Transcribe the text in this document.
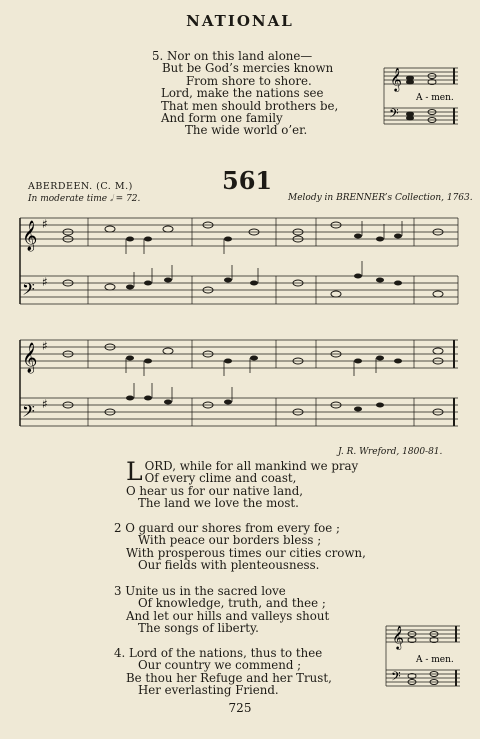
NATIONAL
5. Nor on this land alone—
But be God’s mercies known
From shore to shore.
Lord, make the nations see
That men should brothers be,
And form one family
The wide world o’er.
𝄞
𝄢
A - men.
561
ABERDEEN. (C. M.)
In moderate time 𝅗𝅥 = 72.	Melody in BRENNER’s Collection, 1763.
𝄞
𝄢
♯
♯
𝄞
𝄢
♯
♯
J. R. Wreford, 1800-81.
L ORD, while for all mankind we pray
Of every clime and coast,
O hear us for our native land,
The land we love the most.
2 O guard our shores from every foe ;
With peace our borders bless ;
With prosperous times our cities crown,
Our fields with plenteousness.
3 Unite us in the sacred love
Of knowledge, truth, and thee ;
And let our hills and valleys shout
The songs of liberty.
4. Lord of the nations, thus to thee
Our country we commend ;
Be thou her Refuge and her Trust,
Her everlasting Friend.
𝄞
𝄢
A - men.
725
